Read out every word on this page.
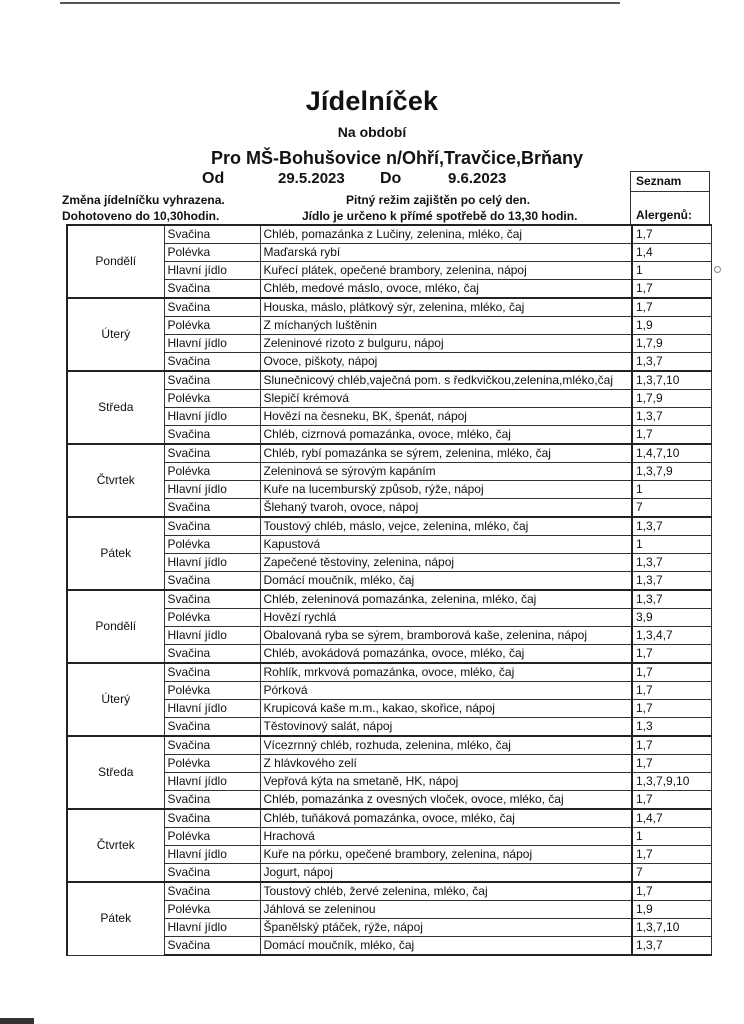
Jídelníček
Na období
Pro MŠ-Bohušovice n/Ohří,Travčice,Brňany
Od	29.5.2023 Do	9.6.2023
Změna jídelníčku vyhrazena.
Dohotoveno do 10,30hodin.
Pitný režim zajištěn po celý den.
Jídlo je určeno k přímé spotřebě do 13,30 hodin.
Seznam
Alergenů:
Pondělí	Svačina	Chléb, pomazánka z Lučiny, zelenina, mléko, čaj	1,7
	Polévka	Maďarská rybí	1,4
	Hlavní jídlo	Kuřecí plátek, opečené brambory, zelenina, nápoj	1
	Svačina	Chléb, medové máslo, ovoce, mléko, čaj	1,7
Úterý	Svačina	Houska, máslo, plátkový sýr, zelenina, mléko, čaj	1,7
	Polévka	Z míchaných luštěnin	1,9
	Hlavní jídlo	Zeleninové rizoto z bulguru, nápoj	1,7,9
	Svačina	Ovoce, piškoty, nápoj	1,3,7
Středa	Svačina	Slunečnicový chléb,vaječná pom. s ředkvičkou,zelenina,mléko,čaj	1,3,7,10
	Polévka	Slepičí krémová	1,7,9
	Hlavní jídlo	Hovězí na česneku, BK, špenát, nápoj	1,3,7
	Svačina	Chléb, cizrnová pomazánka, ovoce, mléko, čaj	1,7
Čtvrtek	Svačina	Chléb, rybí pomazánka se sýrem, zelenina, mléko, čaj	1,4,7,10
	Polévka	Zeleninová se sýrovým kapáním	1,3,7,9
	Hlavní jídlo	Kuře na lucemburský způsob, rýže, nápoj	1
	Svačina	Šlehaný tvaroh, ovoce, nápoj	7
Pátek	Svačina	Toustový chléb, máslo, vejce, zelenina, mléko, čaj	1,3,7
	Polévka	Kapustová	1
	Hlavní jídlo	Zapečené těstoviny, zelenina, nápoj	1,3,7
	Svačina	Domácí moučník, mléko, čaj	1,3,7
Pondělí	Svačina	Chléb, zeleninová pomazánka, zelenina, mléko, čaj	1,3,7
	Polévka	Hovězí rychlá	3,9
	Hlavní jídlo	Obalovaná ryba se sýrem, bramborová kaše, zelenina, nápoj	1,3,4,7
	Svačina	Chléb, avokádová pomazánka, ovoce, mléko, čaj	1,7
Úterý	Svačina	Rohlík, mrkvová pomazánka, ovoce, mléko, čaj	1,7
	Polévka	Pórková	1,7
	Hlavní jídlo	Krupicová kaše m.m., kakao, skořice, nápoj	1,7
	Svačina	Těstovinový salát, nápoj	1,3
Středa	Svačina	Vícezrnný chléb, rozhuda, zelenina, mléko, čaj	1,7
	Polévka	Z hlávkového zelí	1,7
	Hlavní jídlo	Vepřová kýta na smetaně, HK, nápoj	1,3,7,9,10
	Svačina	Chléb, pomazánka z ovesných vloček, ovoce, mléko, čaj	1,7
Čtvrtek	Svačina	Chléb, tuňáková pomazánka, ovoce, mléko, čaj	1,4,7
	Polévka	Hrachová	1
	Hlavní jídlo	Kuře na pórku, opečené brambory, zelenina, nápoj	1,7
	Svačina	Jogurt, nápoj	7
Pátek	Svačina	Toustový chléb, žervé zelenina, mléko, čaj	1,7
	Polévka	Jáhlová se zeleninou	1,9
	Hlavní jídlo	Španělský ptáček, rýže, nápoj	1,3,7,10
	Svačina	Domácí moučník, mléko, čaj	1,3,7
